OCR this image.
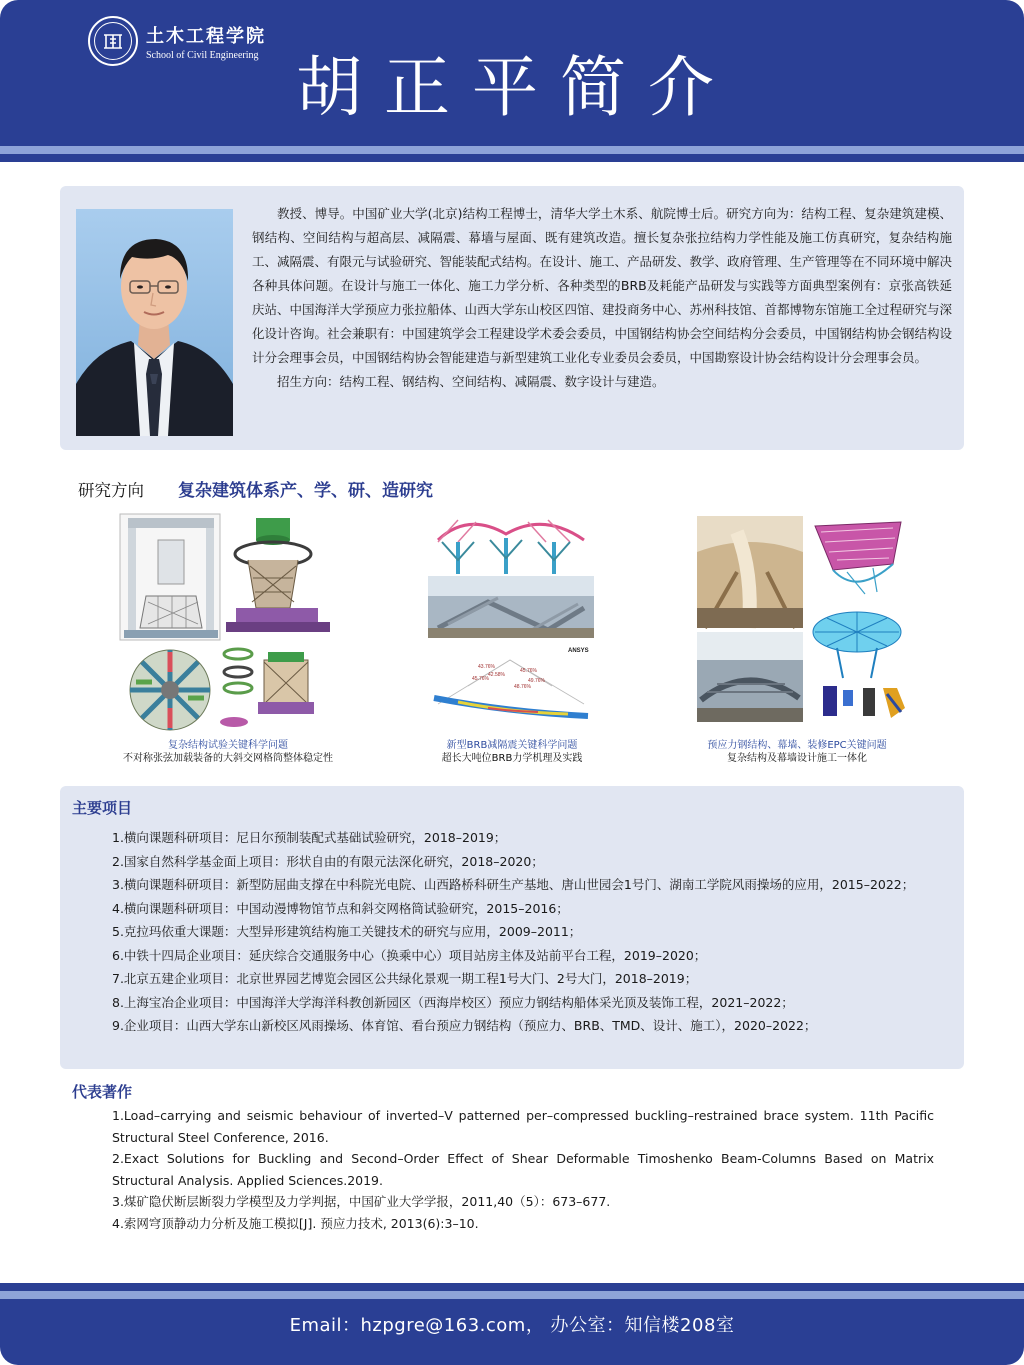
土木工程学院
School of Civil Engineering 胡正平简介

教授、博导。中国矿业大学(北京)结构工程博士，清华大学土木系、航院博士后。研究方向为：结构工程、复杂建筑建模、钢结构、空间结构与超高层、减隔震、幕墙与屋面、既有建筑改造。擅长复杂张拉结构力学性能及施工仿真研究，复杂结构施工、减隔震、有限元与试验研究、智能装配式结构。在设计、施工、产品研发、教学、政府管理、生产管理等在不同环境中解决各种具体问题。在设计与施工一体化、施工力学分析、各种类型的BRB及耗能产品研发与实践等方面典型案例有：京张高铁延庆站、中国海洋大学预应力张拉船体、山西大学东山校区四馆、建投商务中心、苏州科技馆、首都博物东馆施工全过程研究与深化设计咨询。社会兼职有：中国建筑学会工程建设学术委会委员，中国钢结构协会空间结构分会委员，中国钢结构协会钢结构设计分会理事会员，中国钢结构协会智能建造与新型建筑工业化专业委员会委员，中国勘察设计协会结构设计分会理事会员。

招生方向：结构工程、钢结构、空间结构、减隔震、数字设计与建造。

研究方向 复杂建筑体系产、学、研、造研究
复杂结构试验关键科学问题
不对称张弦加载装备的大斜交网格筒整体稳定性
ANSYS
43.76%
45.76%
42.58%
45.76%
49.76%
48.76%
新型BRB减隔震关键科学问题
超长大吨位BRB力学机理及实践
预应力钢结构、幕墙、装修EPC关键问题
复杂结构及幕墙设计施工一体化
主要项目
1.横向课题科研项目：尼日尔预制装配式基础试验研究，2018–2019；
2.国家自然科学基金面上项目：形状自由的有限元法深化研究，2018–2020；
3.横向课题科研项目：新型防屈曲支撑在中科院光电院、山西路桥科研生产基地、唐山世园会1号门、湖南工学院风雨操场的应用，2015–2022；
4.横向课题科研项目：中国动漫博物馆节点和斜交网格筒试验研究，2015–2016；
5.克拉玛依重大课题：大型异形建筑结构施工关键技术的研究与应用，2009–2011；
6.中铁十四局企业项目：延庆综合交通服务中心（换乘中心）项目站房主体及站前平台工程，2019–2020；
7.北京五建企业项目：北京世界园艺博览会园区公共绿化景观一期工程1号大门、2号大门，2018–2019；
8.上海宝冶企业项目：中国海洋大学海洋科教创新园区（西海岸校区）预应力钢结构船体采光顶及装饰工程，2021–2022；
9.企业项目：山西大学东山新校区风雨操场、体育馆、看台预应力钢结构（预应力、BRB、TMD、设计、施工），2020–2022；
代表著作
1.Load–carrying and seismic behaviour of inverted–V patterned per–compressed buckling–restrained brace system. 11th Pacific Structural Steel Conference, 2016.
2.Exact Solutions for Buckling and Second–Order Effect of Shear Deformable Timoshenko Beam‐Columns Based on Matrix Structural Analysis. Applied Sciences.2019.
3.煤矿隐伏断层断裂力学模型及力学判据，中国矿业大学学报，2011,40（5）：673–677.
4.索网穹顶静动力分析及施工模拟[J]. 预应力技术, 2013(6):3–10.
Email：hzpgre@163.com， 办公室：知信楼208室
